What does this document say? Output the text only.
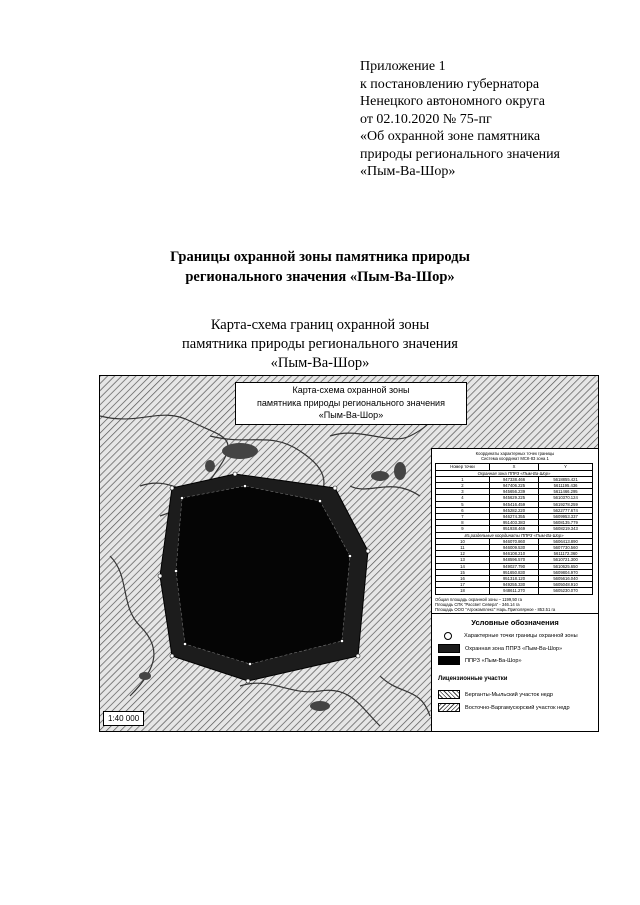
Приложение 1
к постановлению губернатора
Ненецкого автономного округа
от 02.10.2020 № 75-пг
«Об охранной зоне памятника
природы регионального значения
«Пым-Ва-Шор»
Границы охранной зоны памятника природы
регионального значения «Пым-Ва-Шор»
Карта-схема границ охранной зоны
памятника природы регионального значения
«Пым-Ва-Шор»
Карта-схема охранной зоны
памятника природы регионального значения
«Пым-Ва-Шор»
Координаты характерных точек границы
Система координат МСК-83 зона 1
Номер точки	X	Y
Охранная зона ППРЗ «Пым-Ва-Шор»		
1	947338.466	5618855.421
2	947406.225	5611195.436
3	945656.239	5611466.295
4	945629.225	5610370.124
5	945416.459	5619278.259
6	945282.220	5622777.674
7	946274.355	5609953.337
8	951403.383	5608135.779
9	951938.469	5608219.343
Из.раздельные координаты ППРЗ «Пым-Ва-Шор»		
10	946070.860	5606413.890
11	946009.530	5607730.560
12	946108.210	5611172.360
13	948596.570	5610721.300
14	949027.790	5610625.650
15	951650.830	5609804.970
16	951318.120	5605616.040
17	949255.330	5605048.910
18	948611.270	5605230.070
Общая площадь охранной зоны – 1199,50 га
Площадь СПК "Рассвет Севера" - 346.14 га
Площадь ООО "Агрокомплекс" Нарь.Приполярное - 853.51 га
Условные обозначения
Характерные точки границы охранной зоны
Охранная зона ППРЗ «Пым-Ва-Шор»
ППРЗ «Пым-Ва-Шор»
Лицензионные участки
Берганты-Мыльский участок недр
Восточно-Варгамусюрский участок недр
1:40 000
